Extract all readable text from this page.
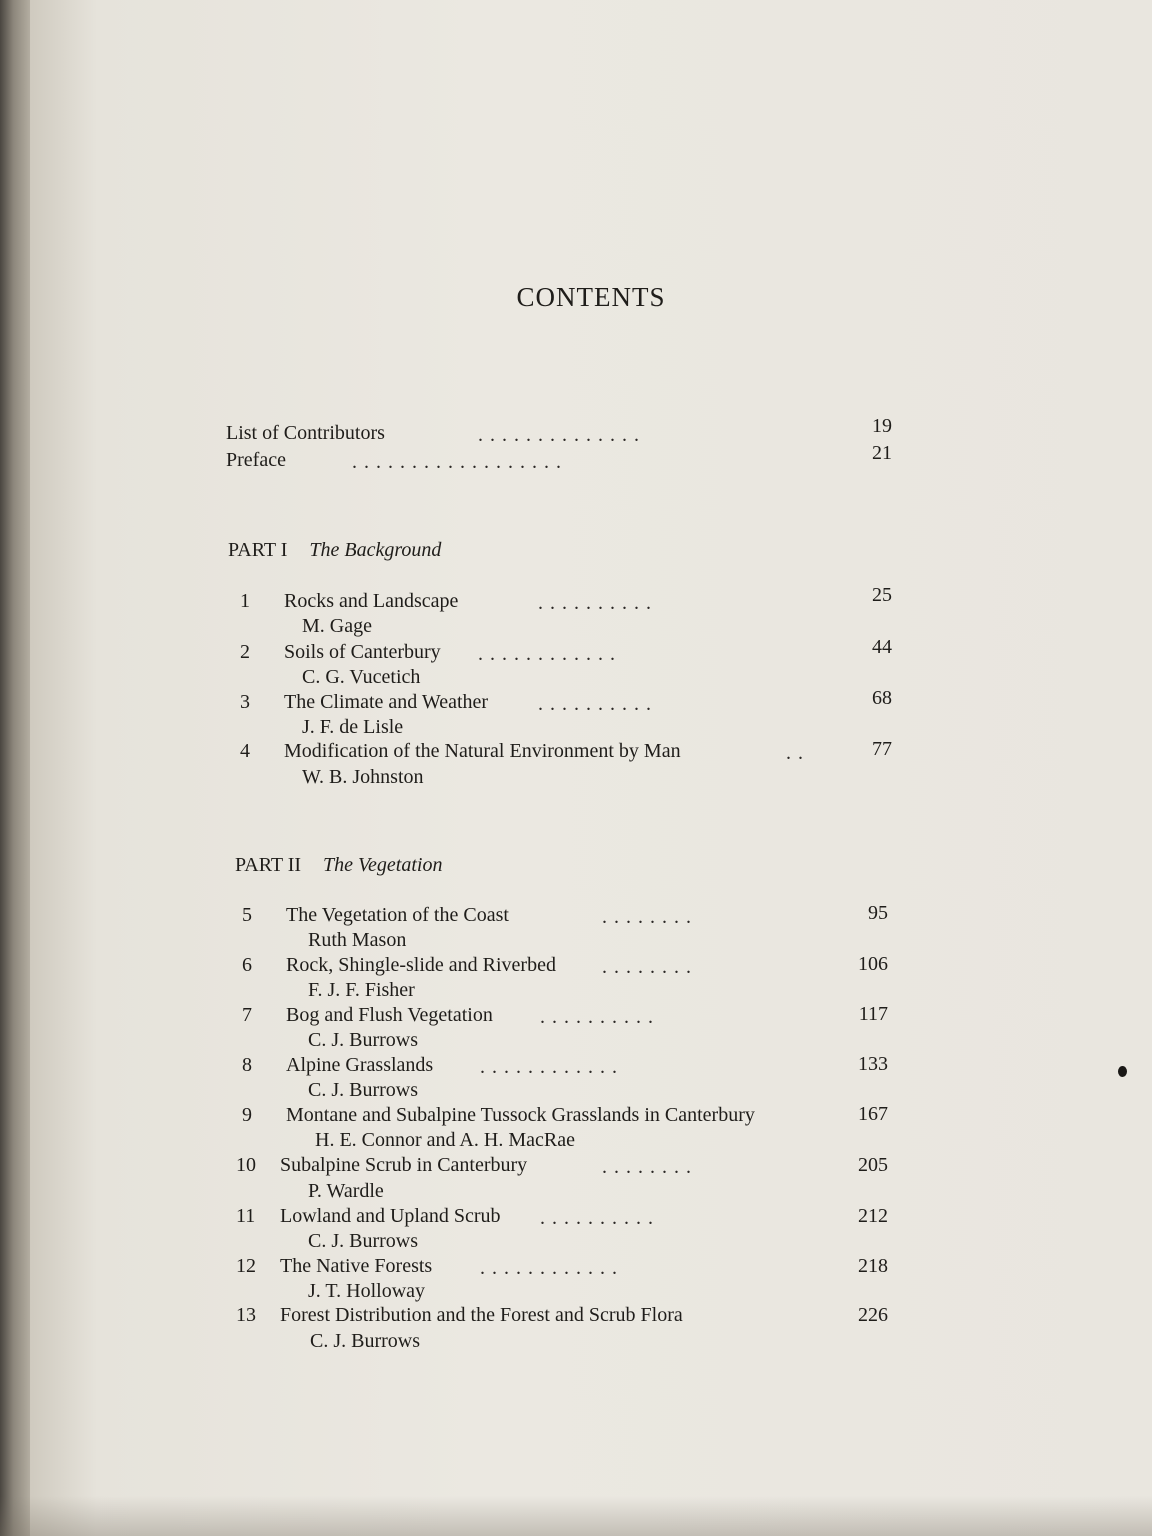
CONTENTS
List of Contributors	. . . . . . . . . . . . . .	19
Preface	. . . . . . . . . . . . . . . . . .	21
PART I The Background
1 Rocks and Landscape	. . . . . . . . . .	25
M. Gage
2 Soils of Canterbury . . . . . . . . . . . .	44
C. G. Vucetich
3 The Climate and Weather . . . . . . . . . .	68
J. F. de Lisle
4 Modification of the Natural Environment by Man	. .	77
W. B. Johnston
PART II The Vegetation
5 The Vegetation of the Coast	. . . . . . . .	95
Ruth Mason
6 Rock, Shingle-slide and Riverbed . . . . . . . .	106
F. J. F. Fisher
7 Bog and Flush Vegetation . . . . . . . . . .	117
C. J. Burrows
8 Alpine Grasslands . . . . . . . . . . . .	133
C. J. Burrows
9 Montane and Subalpine Tussock Grasslands in Canterbury	167
H. E. Connor and A. H. MacRae
10 Subalpine Scrub in Canterbury	. . . . . . . .	205
P. Wardle
11 Lowland and Upland Scrub . . . . . . . . . .	212
C. J. Burrows
12 The Native Forests . . . . . . . . . . . .	218
J. T. Holloway
13 Forest Distribution and the Forest and Scrub Flora	226
C. J. Burrows
